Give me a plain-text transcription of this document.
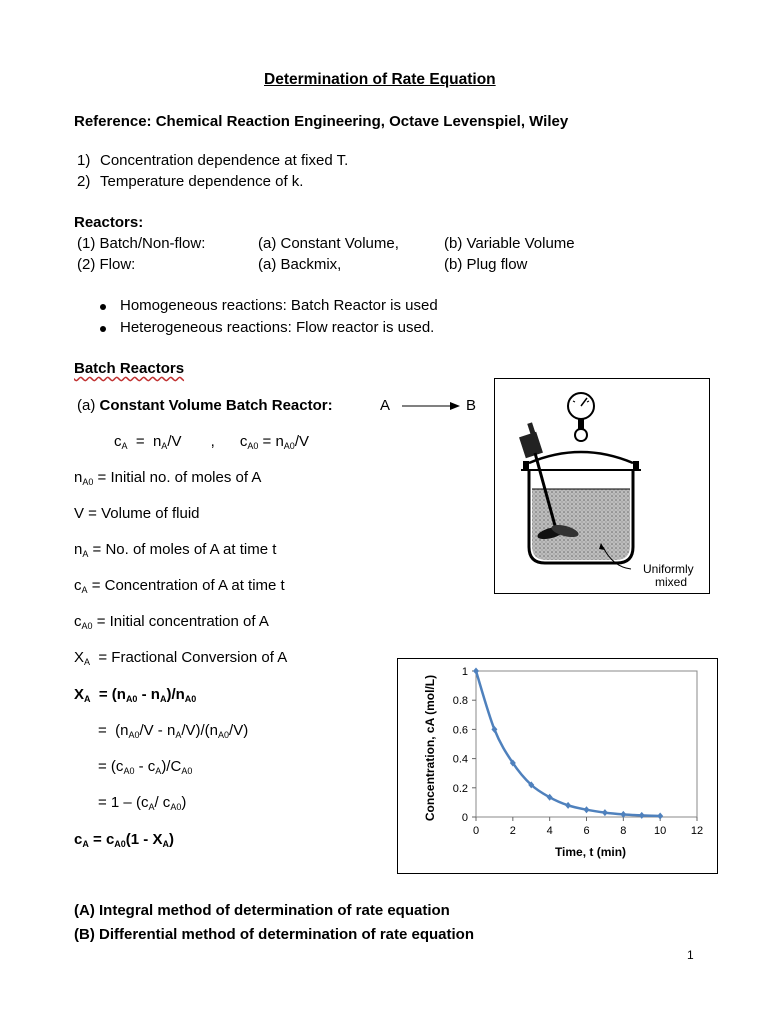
Determination of Rate Equation
Reference: Chemical Reaction Engineering, Octave Levenspiel, Wiley
1) Concentration dependence at fixed T.
2) Temperature dependence of k.
Reactors:
(1) Batch/Non-flow:	(a) Constant Volume,	(b) Variable Volume
(2) Flow:	(a) Backmix,	(b) Plug flow
Homogeneous reactions: Batch Reactor is used
Heterogeneous reactions: Flow reactor is used.
Batch Reactors
(a) Constant Volume Batch Reactor:	A → B
$c_A = n_A/V$       ,      $c_{A0} = n_{A0}/V$
$n_{A0}$ = Initial no. of moles of A
V = Volume of fluid
$n_A = No$. of moles of A at time t
$c_A$ = Concentration of A at time t
$c_{A0}$ = Initial concentration of A
$X_A$ = Fractional Conversion of A
$X_A = (n_{A0} - n_A)/n_{A0}$
=  $(n_{A0}/V - n_A/V)/(n_{A0}/V)$
= $(c_{A0} - c_A)/C_{A0}$
= $1 - (c_A/$ $c_{A0}$)
$c_A = c_{A0}(1 - X_A)$
Uniformly
mixed
0
0.2
0.4
0.6
0.8
1
0	2	4	6	8	10 12
Time, t (min)
Concentration, cA (mol/L)
(A) Integral method of determination of rate equation
(B) Differential method of determination of rate equation
1
